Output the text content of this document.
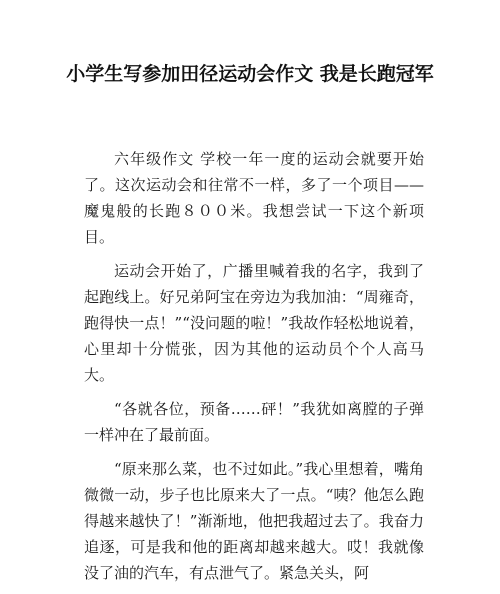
小学生写参加田径运动会作文 我是长跑冠军

六年级作文 学校一年一度的运动会就要开始了。这次运动会和往常不一样，多了一个项目——魔鬼般的长跑８００米。我想尝试一下这个新项目。

运动会开始了，广播里喊着我的名字，我到了起跑线上。好兄弟阿宝在旁边为我加油：“周雍奇，跑得快一点！”“没问题的啦！”我故作轻松地说着，心里却十分慌张，因为其他的运动员个个人高马大。

“各就各位，预备……砰！”我犹如离膛的子弹一样冲在了最前面。

“原来那么菜，也不过如此。”我心里想着，嘴角微微一动，步子也比原来大了一点。“咦？他怎么跑得越来越快了！”渐渐地，他把我超过去了。我奋力追逐，可是我和他的距离却越来越大。哎！我就像没了油的汽车，有点泄气了。紧急关头，阿
